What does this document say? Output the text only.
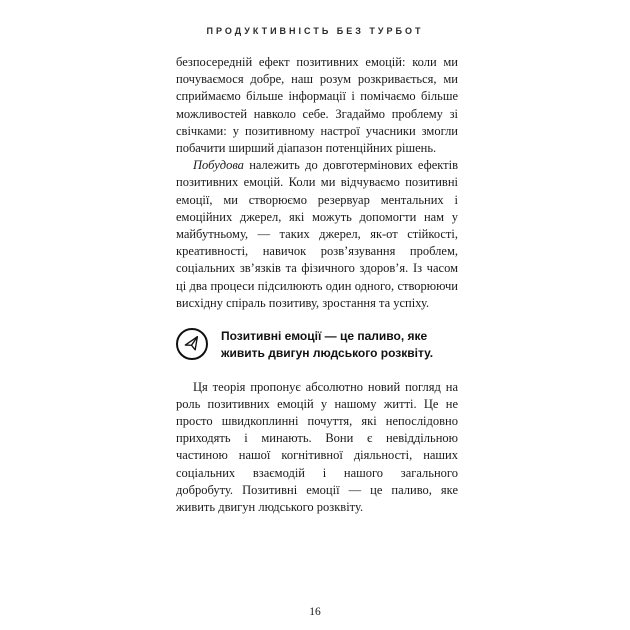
ПРОДУКТИВНІСТЬ БЕЗ ТУРБОТ

безпосередній ефект позитивних емоцій: коли ми почуваємося добре, наш розум розкривається, ми сприймаємо більше інформації і помічаємо більше можливостей навколо себе. Згадаймо проблему зі свічками: у позитивному настрої учасники змогли побачити ширший діапазон потенційних рішень.

Побудова належить до довготермінових ефектів позитивних емоцій. Коли ми відчуваємо позитивні емоції, ми створюємо резервуар ментальних і емоційних джерел, які можуть допомогти нам у майбутньому, — таких джерел, як-от стійкості, креативності, навичок розв’язування проблем, соціальних зв’язків та фізичного здоров’я. Із часом ці два процеси підсилюють один одного, створюючи висхідну спіраль позитиву, зростання та успіху.

Позитивні емоції — це паливо, яке живить двигун людського розквіту.

Ця теорія пропонує абсолютно новий погляд на роль позитивних емоцій у нашому житті. Це не просто швидкоплинні почуття, які непослідовно приходять і минають. Вони є невіддільною частиною нашої когнітивної діяльності, наших соціальних взаємодій і нашого загального добробуту. Позитивні емоції — це паливо, яке живить двигун людського розквіту.

16
